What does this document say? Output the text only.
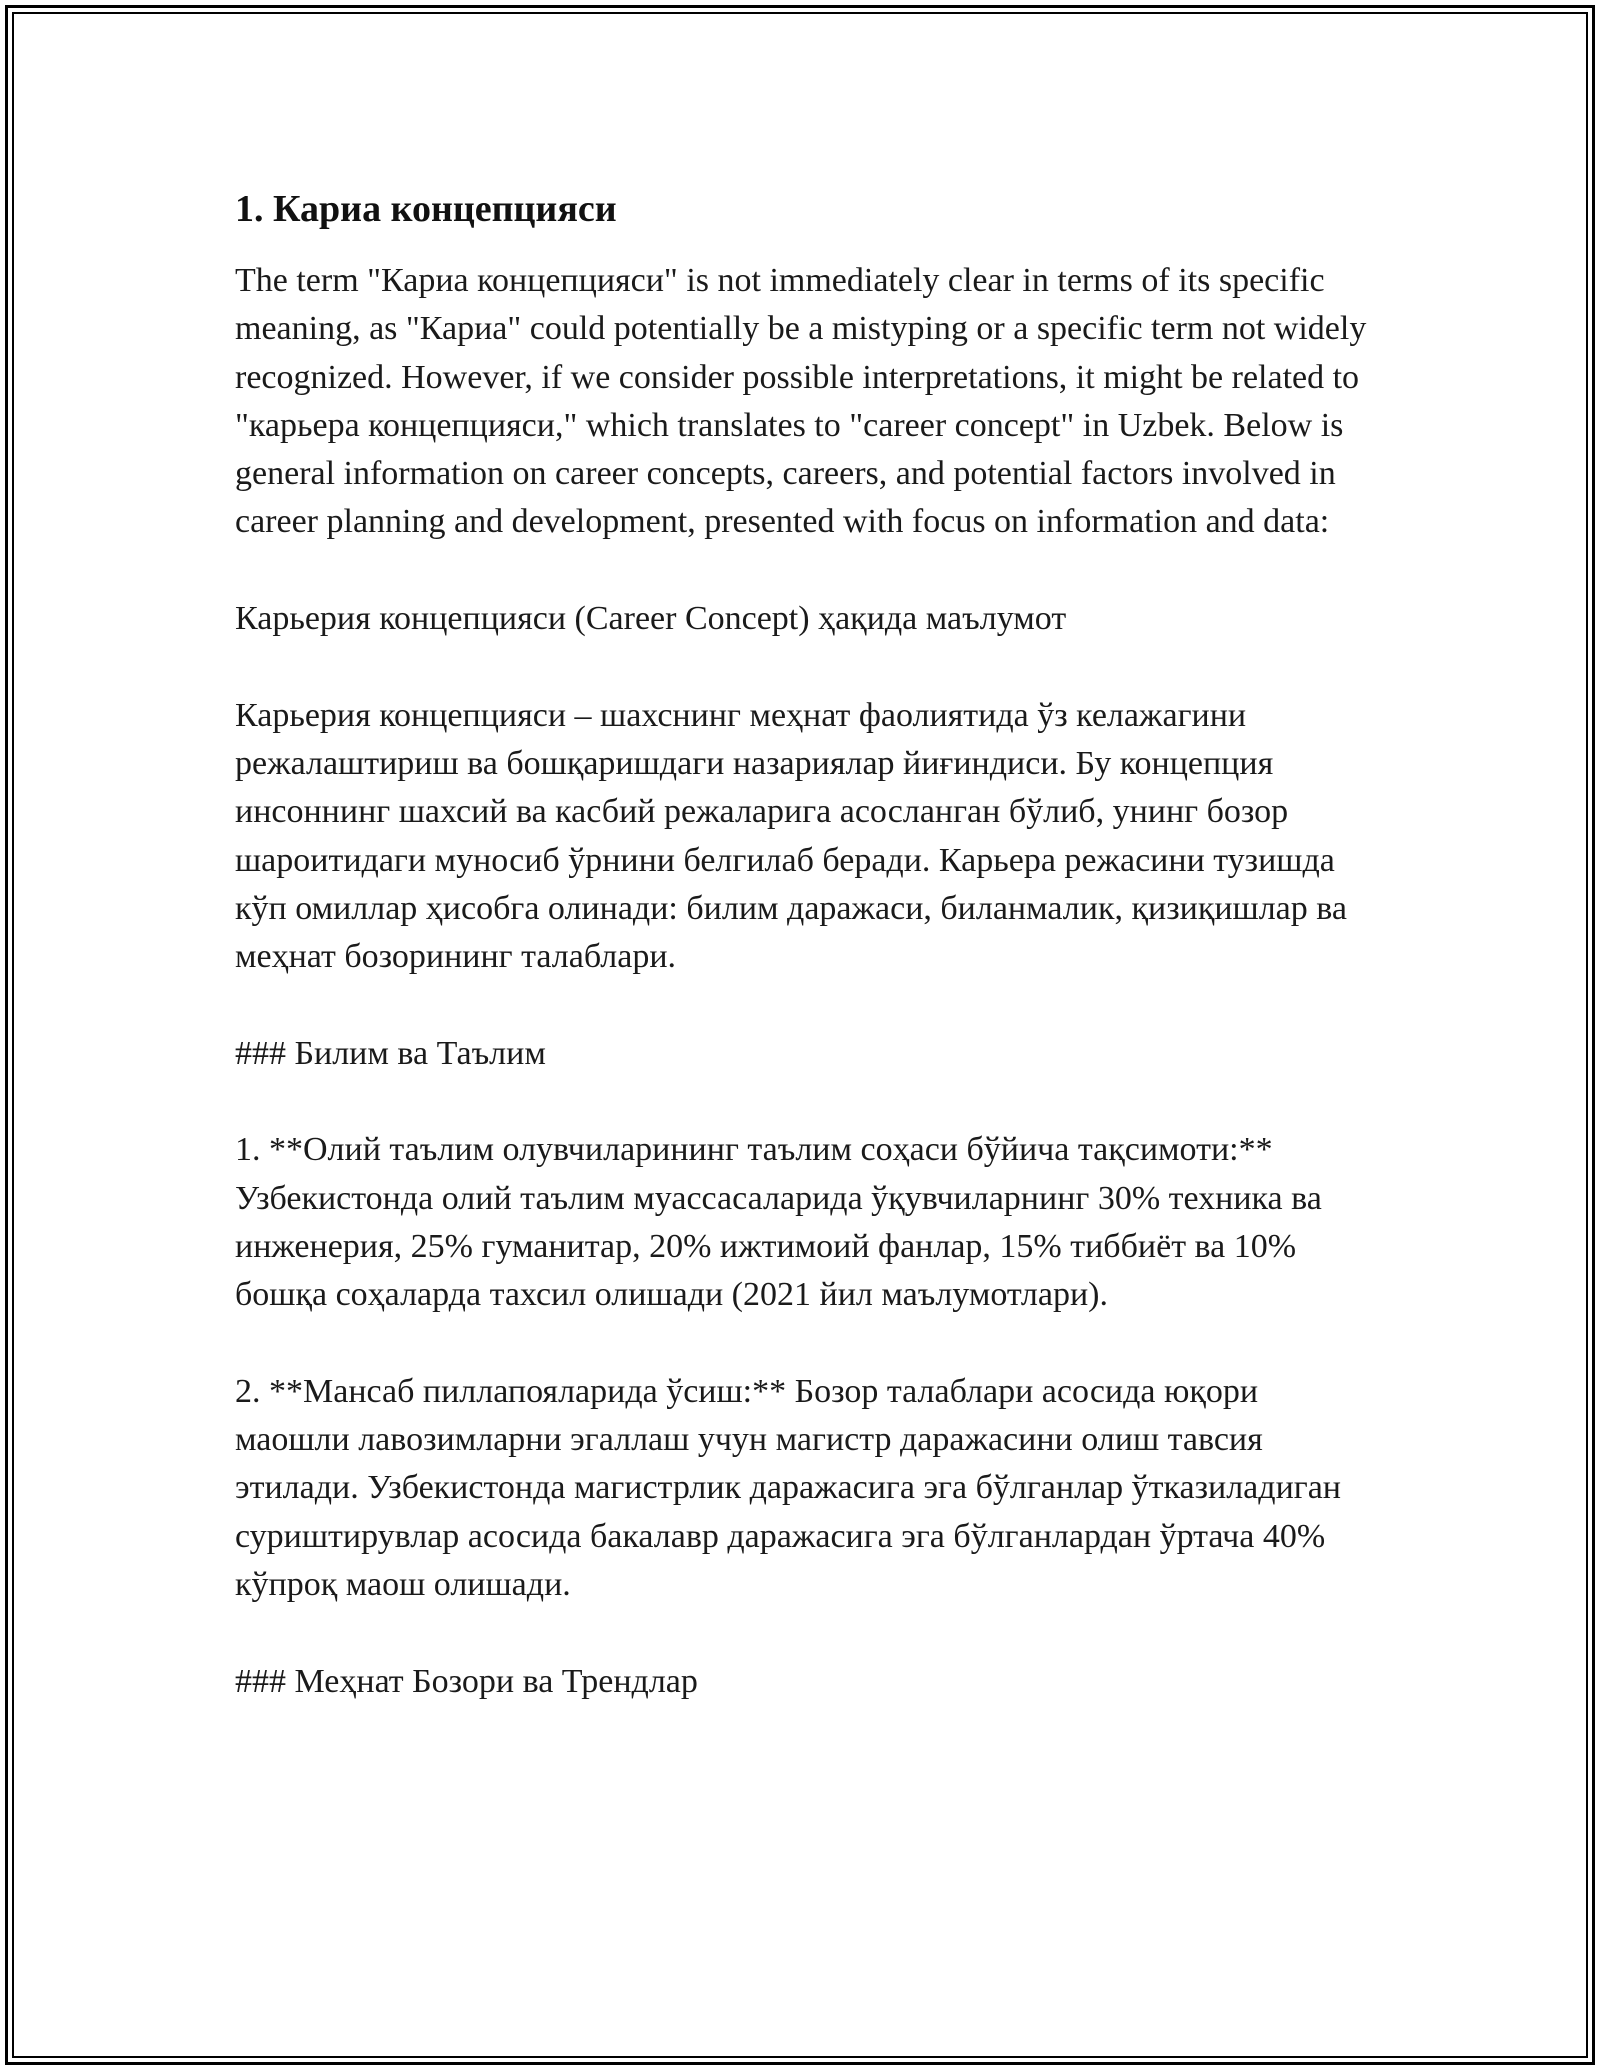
1. Кариа концепцияси

The term "Кариа концепцияси" is not immediately clear in terms of its specific meaning, as "Кариа" could potentially be a mistyping or a specific term not widely recognized. However, if we consider possible interpretations, it might be related to "карьера концепцияси," which translates to "career concept" in Uzbek. Below is general information on career concepts, careers, and potential factors involved in career planning and development, presented with focus on information and data:

Карьерия концепцияси (Career Concept) ҳақида маълумот

Карьерия концепцияси – шахснинг меҳнат фаолиятида ўз келажагини режалаштириш ва бошқаришдаги назариялар йиғиндиси. Бу концепция инсоннинг шахсий ва касбий режаларига асосланган бўлиб, унинг бозор шароитидаги муносиб ўрнини белгилаб беради. Карьера режасини тузишда кўп омиллар ҳисобга олинади: билим даражаси, биланмалик, қизиқишлар ва меҳнат бозорининг талаблари.

### Билим ва Таълим

1. **Олий таълим олувчиларининг таълим соҳаси бўйича тақсимоти:** Узбекистонда олий таълим муассасаларида ўқувчиларнинг 30% техника ва инженерия, 25% гуманитар, 20% ижтимоий фанлар, 15% тиббиёт ва 10% бошқа соҳаларда тахсил олишади (2021 йил маълумотлари).

2. **Мансаб пиллапояларида ўсиш:** Бозор талаблари асосида юқори маошли лавозимларни эгаллаш учун магистр даражасини олиш тавсия этилади. Узбекистонда магистрлик даражасига эга бўлганлар ўтказиладиган суриштирувлар асосида бакалавр даражасига эга бўлганлардан ўртача 40% кўпроқ маош олишади.

### Меҳнат Бозори ва Трендлар
